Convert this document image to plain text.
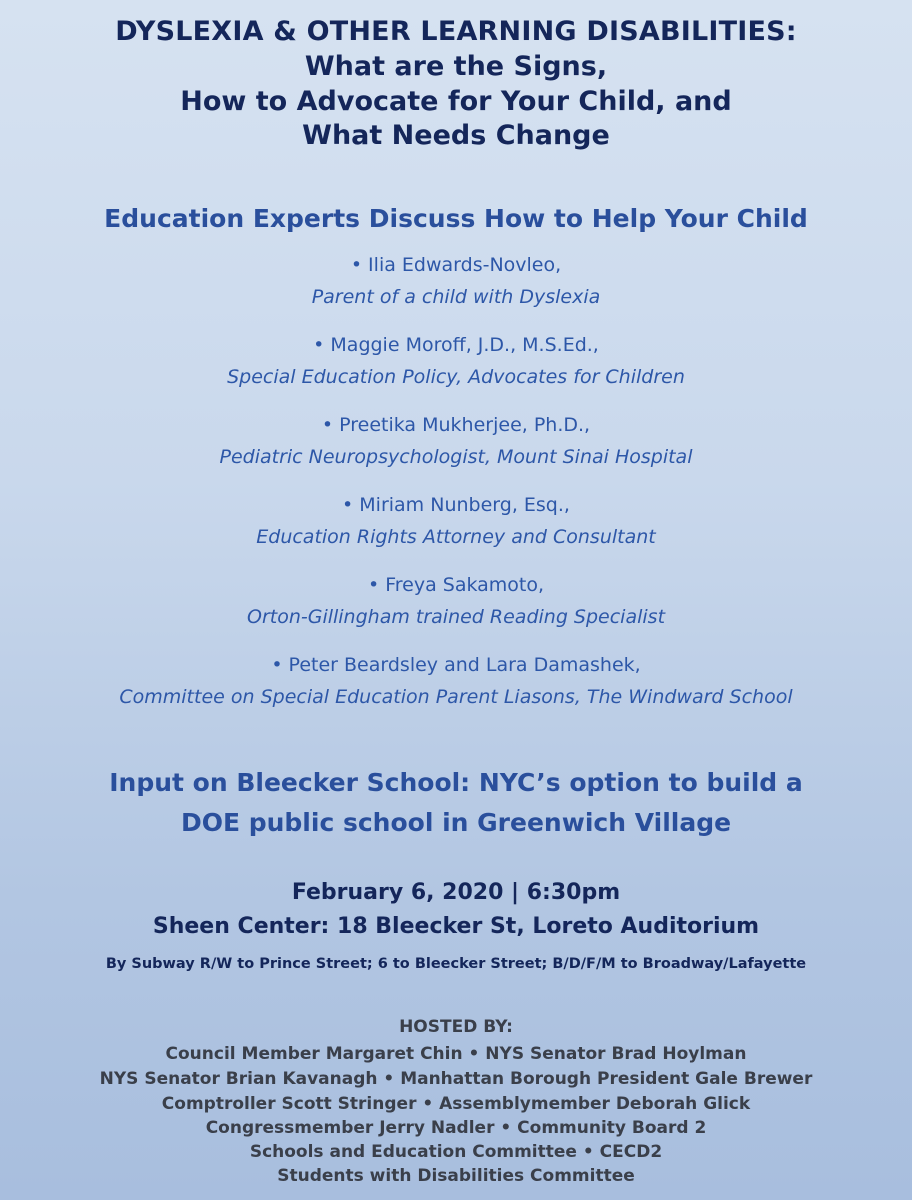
DYSLEXIA & OTHER LEARNING DISABILITIES:
What are the Signs,
How to Advocate for Your Child, and
What Needs Change
Education Experts Discuss How to Help Your Child
• Ilia Edwards-Novleo,
Parent of a child with Dyslexia
• Maggie Moroff, J.D., M.S.Ed.,
Special Education Policy, Advocates for Children
• Preetika Mukherjee, Ph.D.,
Pediatric Neuropsychologist, Mount Sinai Hospital
• Miriam Nunberg, Esq.,
Education Rights Attorney and Consultant
• Freya Sakamoto,
Orton-Gillingham trained Reading Specialist
• Peter Beardsley and Lara Damashek,
Committee on Special Education Parent Liasons, The Windward School
Input on Bleecker School: NYC’s option to build a
DOE public school in Greenwich Village
February 6, 2020 | 6:30pm
Sheen Center: 18 Bleecker St, Loreto Auditorium
By Subway R/W to Prince Street; 6 to Bleecker Street; B/D/F/M to Broadway/Lafayette
HOSTED BY:
Council Member Margaret Chin • NYS Senator Brad Hoylman
NYS Senator Brian Kavanagh • Manhattan Borough President Gale Brewer
Comptroller Scott Stringer • Assemblymember Deborah Glick
Congressmember Jerry Nadler • Community Board 2
Schools and Education Committee • CECD2
Students with Disabilities Committee
